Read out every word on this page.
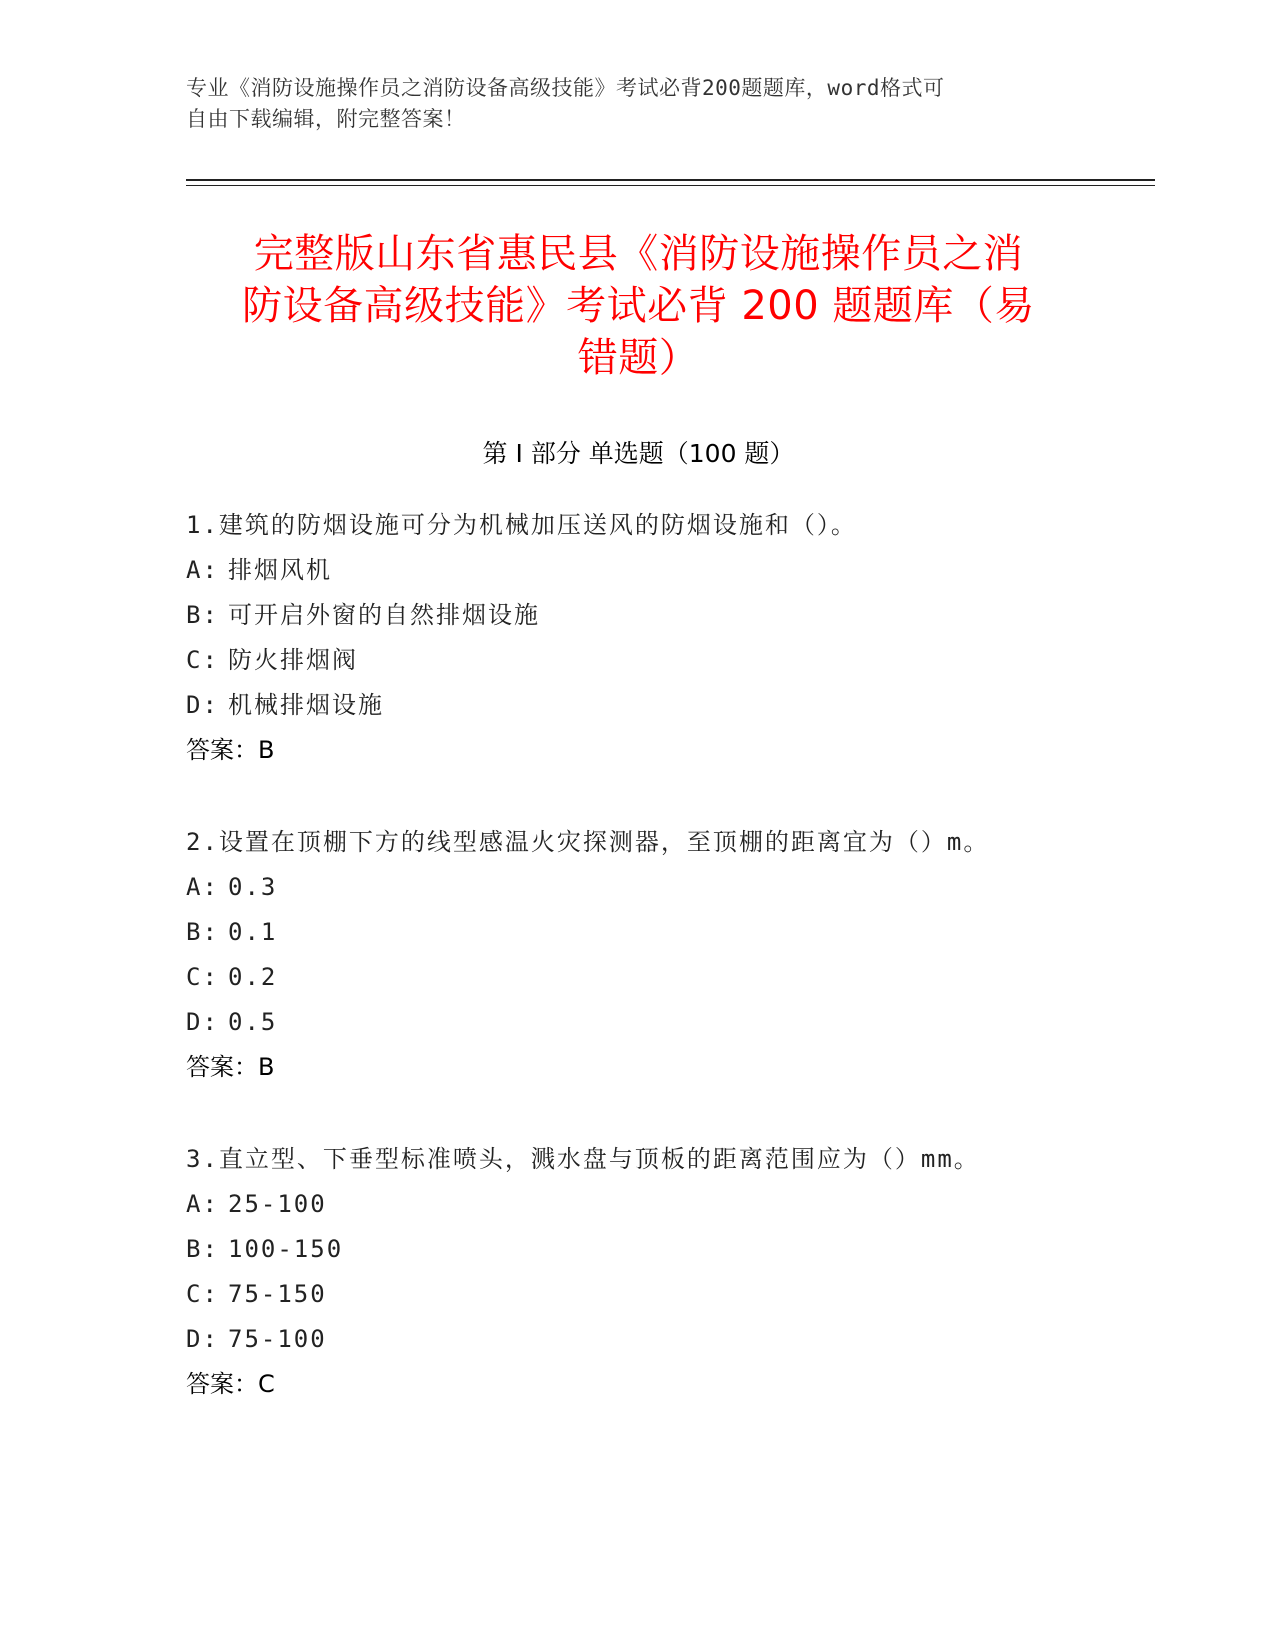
专业《消防设施操作员之消防设备高级技能》考试必背200题题库，word格式可
自由下载编辑，附完整答案！
完整版山东省惠民县《消防设施操作员之消
防设备高级技能》考试必背 200 题题库（易
错题）
第 I 部分 单选题（100 题）
1.建筑的防烟设施可分为机械加压送风的防烟设施和（）。
A: 排烟风机
B: 可开启外窗的自然排烟设施
C: 防火排烟阀
D: 机械排烟设施
答案：B
2.设置在顶棚下方的线型感温火灾探测器，至顶棚的距离宜为（）m。
A: 0.3
B: 0.1
C: 0.2
D: 0.5
答案：B
3.直立型、下垂型标准喷头，溅水盘与顶板的距离范围应为（）mm。
A: 25-100
B: 100-150
C: 75-150
D: 75-100
答案：C
